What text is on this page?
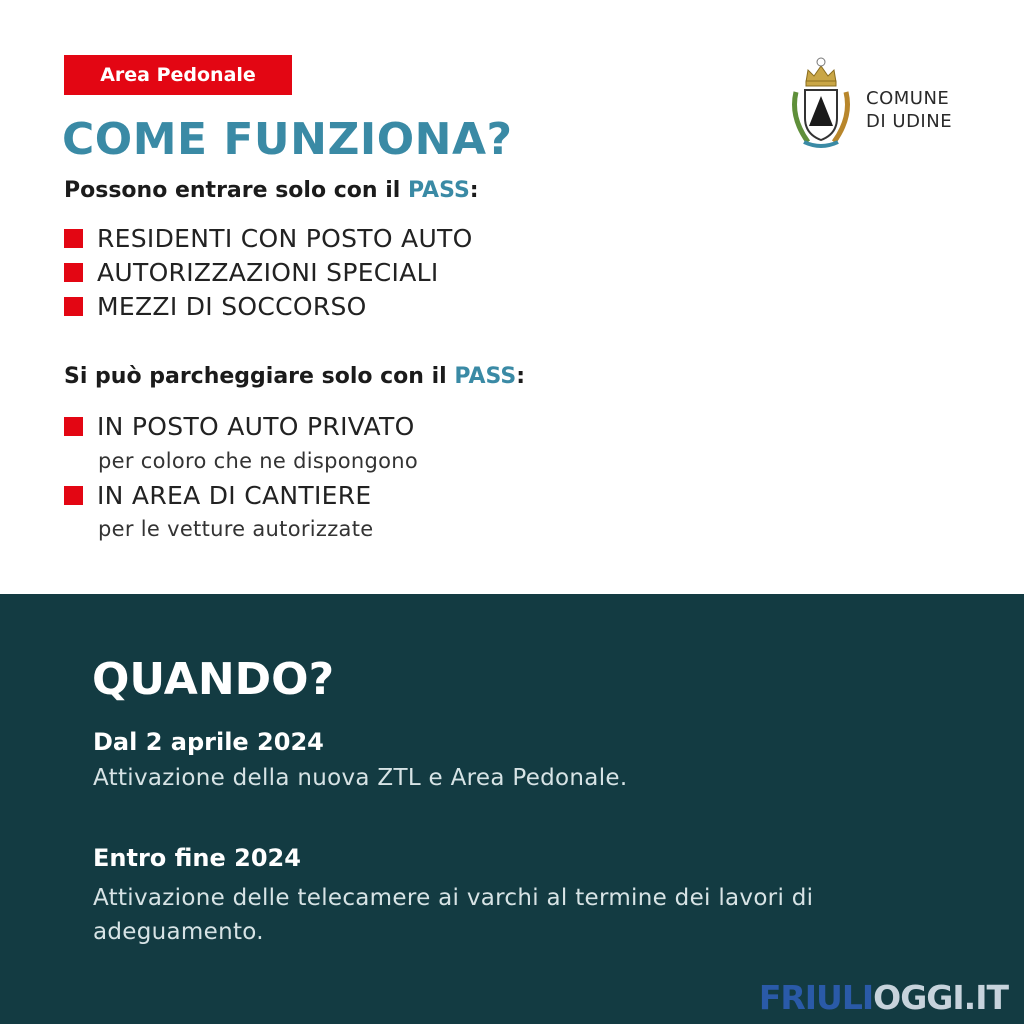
Area Pedonale
COME FUNZIONA?
COMUNE
DI UDINE
Possono entrare solo con il PASS:
RESIDENTI CON POSTO AUTO
AUTORIZZAZIONI SPECIALI
MEZZI DI SOCCORSO
Si può parcheggiare solo con il PASS:
IN POSTO AUTO PRIVATO
per coloro che ne dispongono
IN AREA DI CANTIERE
per le vetture autorizzate
QUANDO?
Dal 2 aprile 2024
Attivazione della nuova ZTL e Area Pedonale.
Entro fine 2024
Attivazione delle telecamere ai varchi al termine dei lavori di adeguamento.
FRIULIOGGI.IT
